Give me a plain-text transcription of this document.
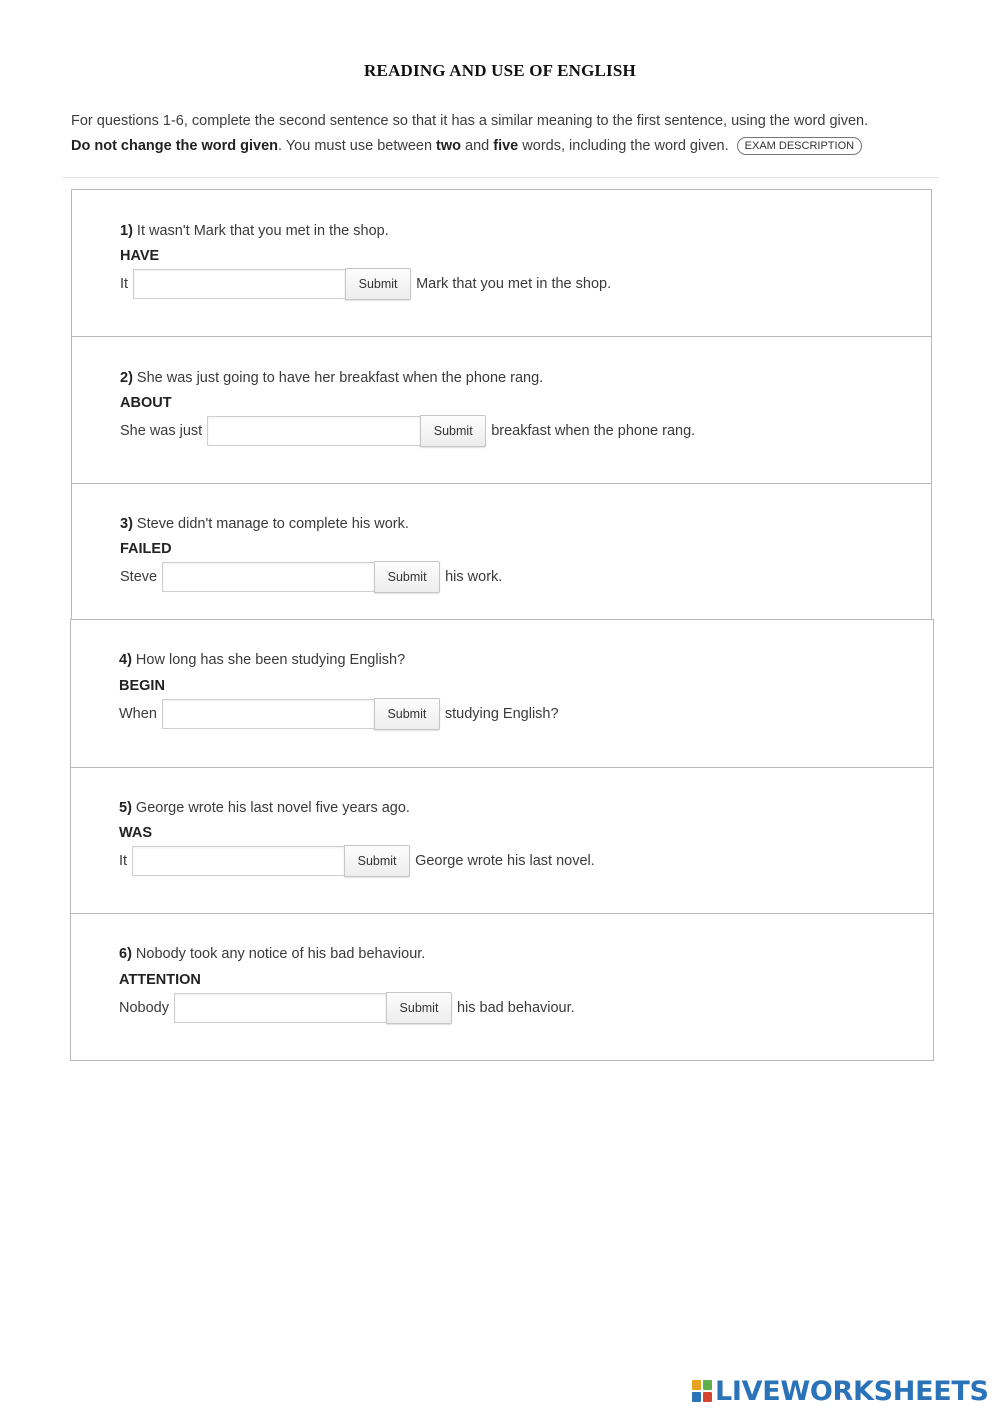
READING AND USE OF ENGLISH
For questions 1-6, complete the second sentence so that it has a similar meaning to the first sentence, using the word given.
Do not change the word given. You must use between two and five words, including the word given. EXAM DESCRIPTION
1) It wasn't Mark that you met in the shop.
HAVE
It	Submit	Mark that you met in the shop.
2) She was just going to have her breakfast when the phone rang.
ABOUT
She was just	Submit	breakfast when the phone rang.
3) Steve didn't manage to complete his work.
FAILED
Steve	Submit	his work.
4) How long has she been studying English?
BEGIN
When	Submit	studying English?
5) George wrote his last novel five years ago.
WAS
It	Submit	George wrote his last novel.
6) Nobody took any notice of his bad behaviour.
ATTENTION
Nobody	Submit	his bad behaviour.
LIVEWORKSHEETS
